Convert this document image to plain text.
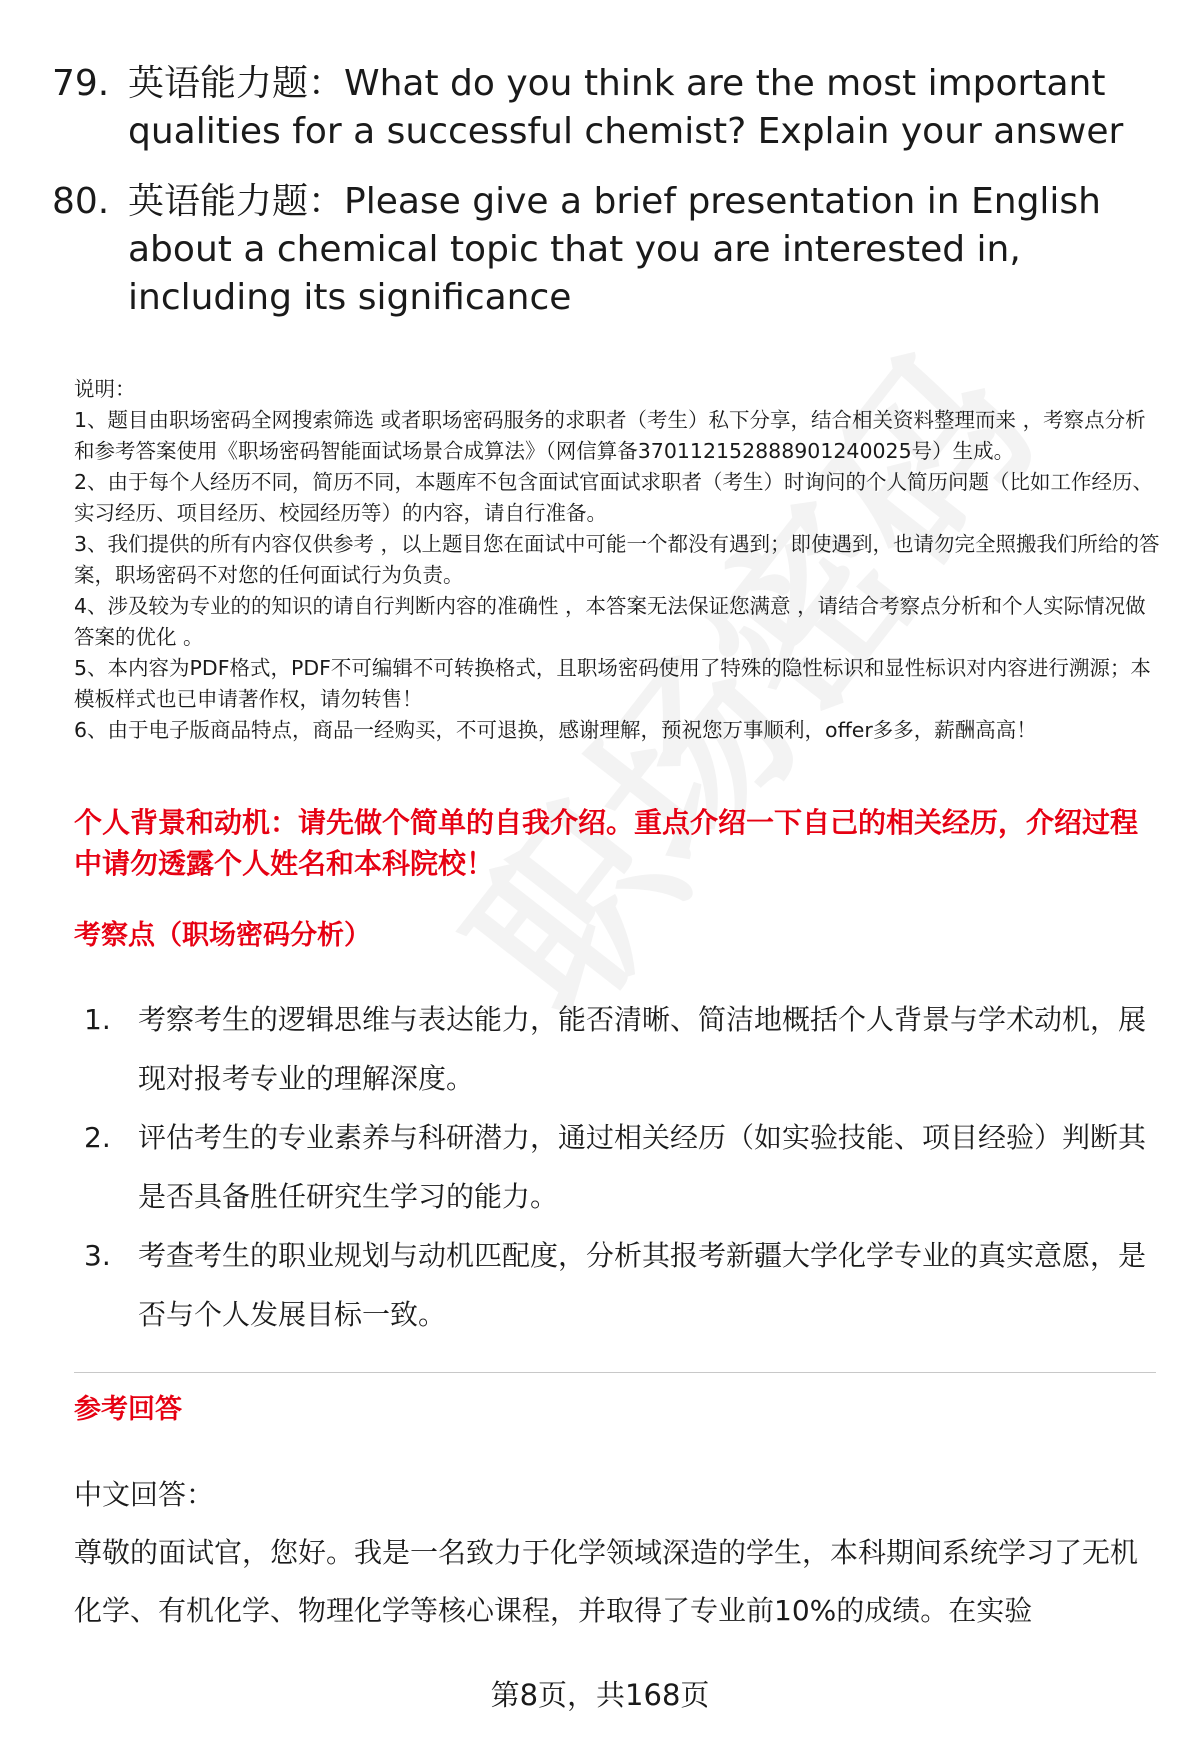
79. 英语能力题：What do you think are the most important qualities for a successful chemist? Explain your answer
80. 英语能力题：Please give a brief presentation in English about a chemical topic that you are interested in, including its significance
说明：
1、题目由职场密码全网搜索筛选 或者职场密码服务的求职者（考生）私下分享，结合相关资料整理而来 ，考察点分析和参考答案使用《职场密码智能面试场景合成算法》（网信算备370112152888901240025号）生成。
2、由于每个人经历不同，简历不同，本题库不包含面试官面试求职者（考生）时询问的个人简历问题（比如工作经历、实习经历、项目经历、校园经历等）的内容，请自行准备。
3、我们提供的所有内容仅供参考 ，以上题目您在面试中可能一个都没有遇到；即使遇到，也请勿完全照搬我们所给的答案，职场密码不对您的任何面试行为负责。
4、涉及较为专业的的知识的请自行判断内容的准确性 ，本答案无法保证您满意 ，请结合考察点分析和个人实际情况做答案的优化 。
5、本内容为PDF格式，PDF不可编辑不可转换格式，且职场密码使用了特殊的隐性标识和显性标识对内容进行溯源；本模板样式也已申请著作权，请勿转售！
6、由于电子版商品特点，商品一经购买，不可退换，感谢理解，预祝您万事顺利，offer多多，薪酬高高！
个人背景和动机：请先做个简单的自我介绍。重点介绍一下自己的相关经历，介绍过程中请勿透露个人姓名和本科院校！
考察点（职场密码分析）
1. 考察考生的逻辑思维与表达能力，能否清晰、简洁地概括个人背景与学术动机，展现对报考专业的理解深度。
2. 评估考生的专业素养与科研潜力，通过相关经历（如实验技能、项目经验）判断其是否具备胜任研究生学习的能力。
3. 考查考生的职业规划与动机匹配度，分析其报考新疆大学化学专业的真实意愿，是否与个人发展目标一致。
参考回答
中文回答：
尊敬的面试官，您好。我是一名致力于化学领域深造的学生，本科期间系统学习了无机化学、有机化学、物理化学等核心课程，并取得了专业前10%的成绩。在实验
第8页，共168页
